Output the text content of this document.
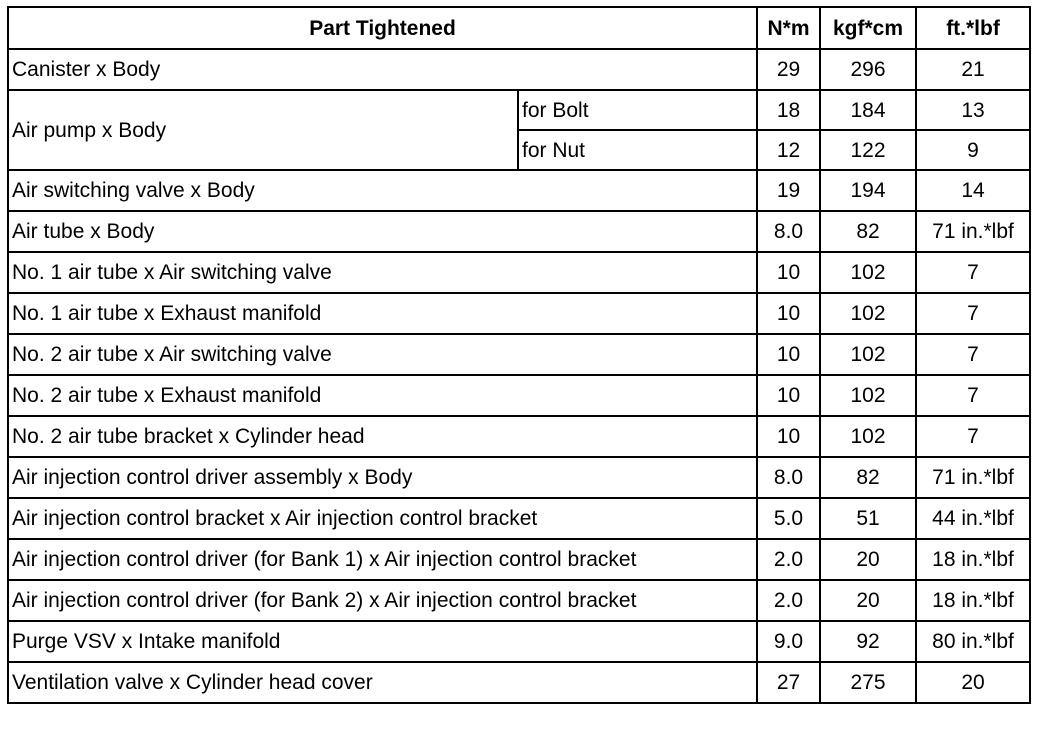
Part Tightened		N*m	kgf*cm	ft.*lbf
Canister x Body		29	296	21
Air pump x Body	for Bolt	18	184	13
	for Nut	12	122	9
Air switching valve x Body		19	194	14
Air tube x Body		8.0	82	71 in.*lbf
No. 1 air tube x Air switching valve		10	102	7
No. 1 air tube x Exhaust manifold		10	102	7
No. 2 air tube x Air switching valve		10	102	7
No. 2 air tube x Exhaust manifold		10	102	7
No. 2 air tube bracket x Cylinder head		10	102	7
Air injection control driver assembly x Body		8.0	82	71 in.*lbf
Air injection control bracket x Air injection control bracket		5.0	51	44 in.*lbf
Air injection control driver (for Bank 1) x Air injection control bracket		2.0	20	18 in.*lbf
Air injection control driver (for Bank 2) x Air injection control bracket		2.0	20	18 in.*lbf
Purge VSV x Intake manifold		9.0	92	80 in.*lbf
Ventilation valve x Cylinder head cover		27	275	20
